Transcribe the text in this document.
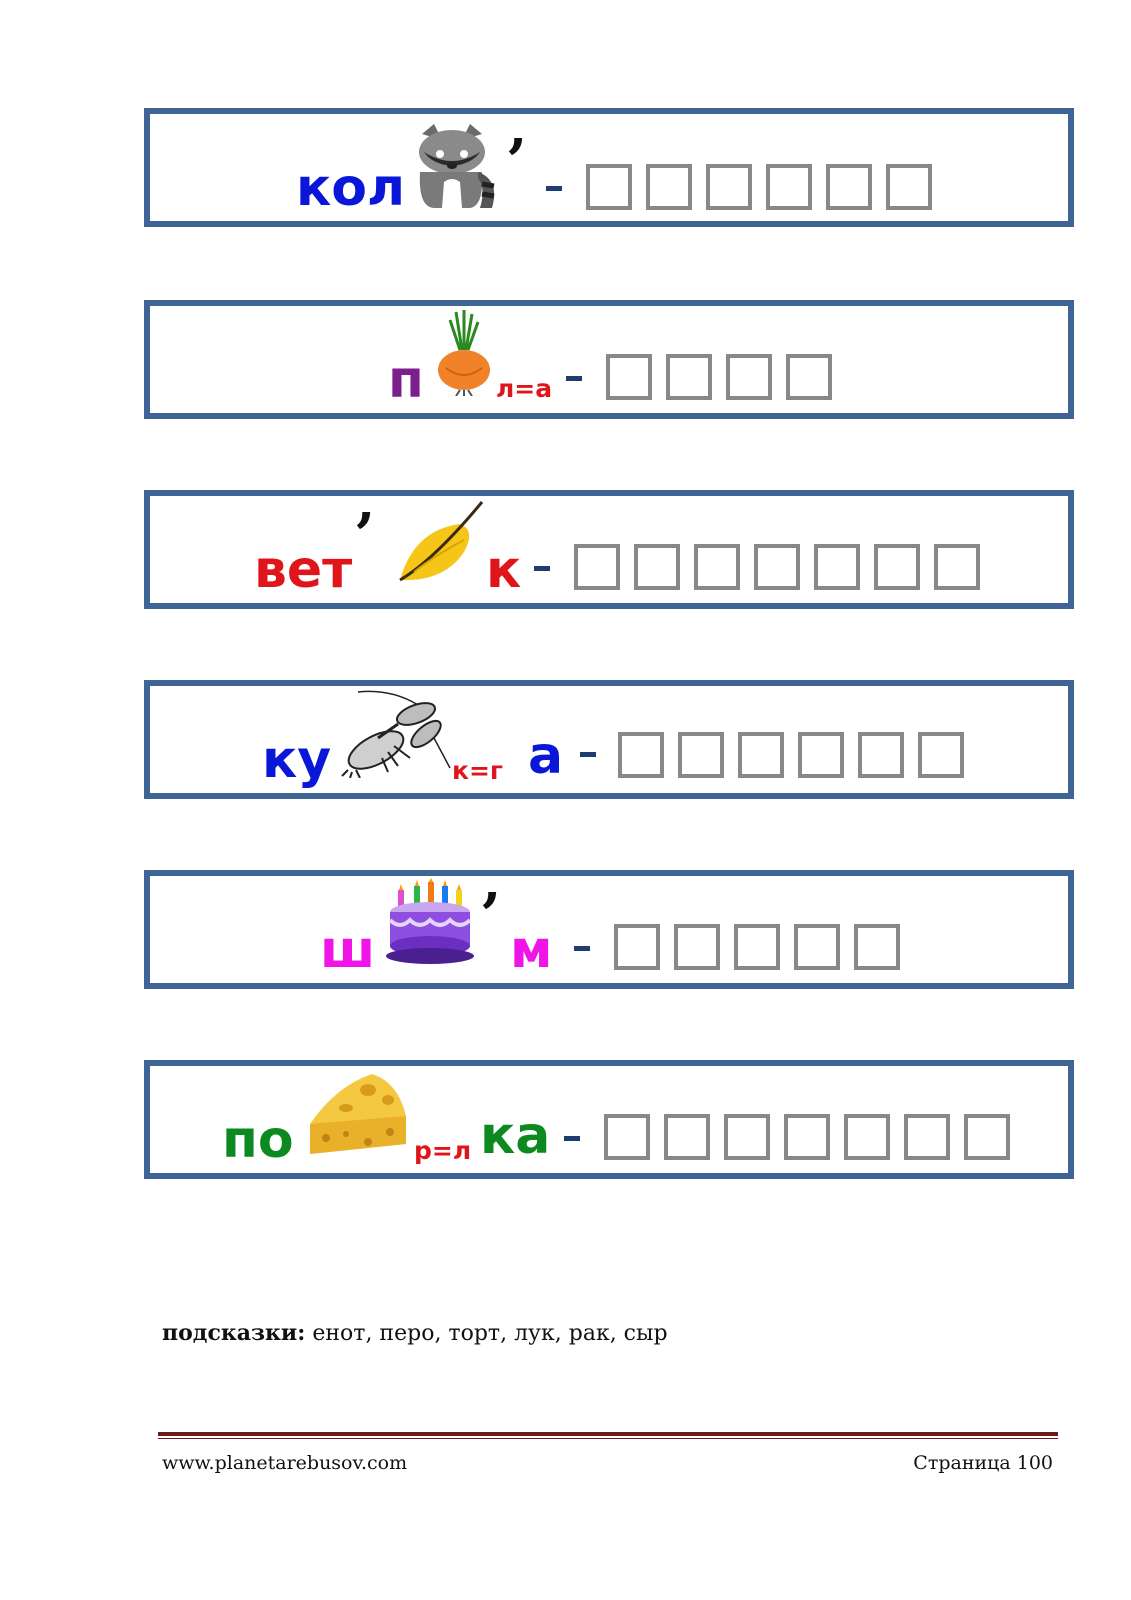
кол ’
п	л=а
вет ’ к
ку	к=г а
ш ’ м
по	р=л ка
подсказки: енот, перо, торт, лук, рак, сыр
www.planetarebusov.com	Страница 100
